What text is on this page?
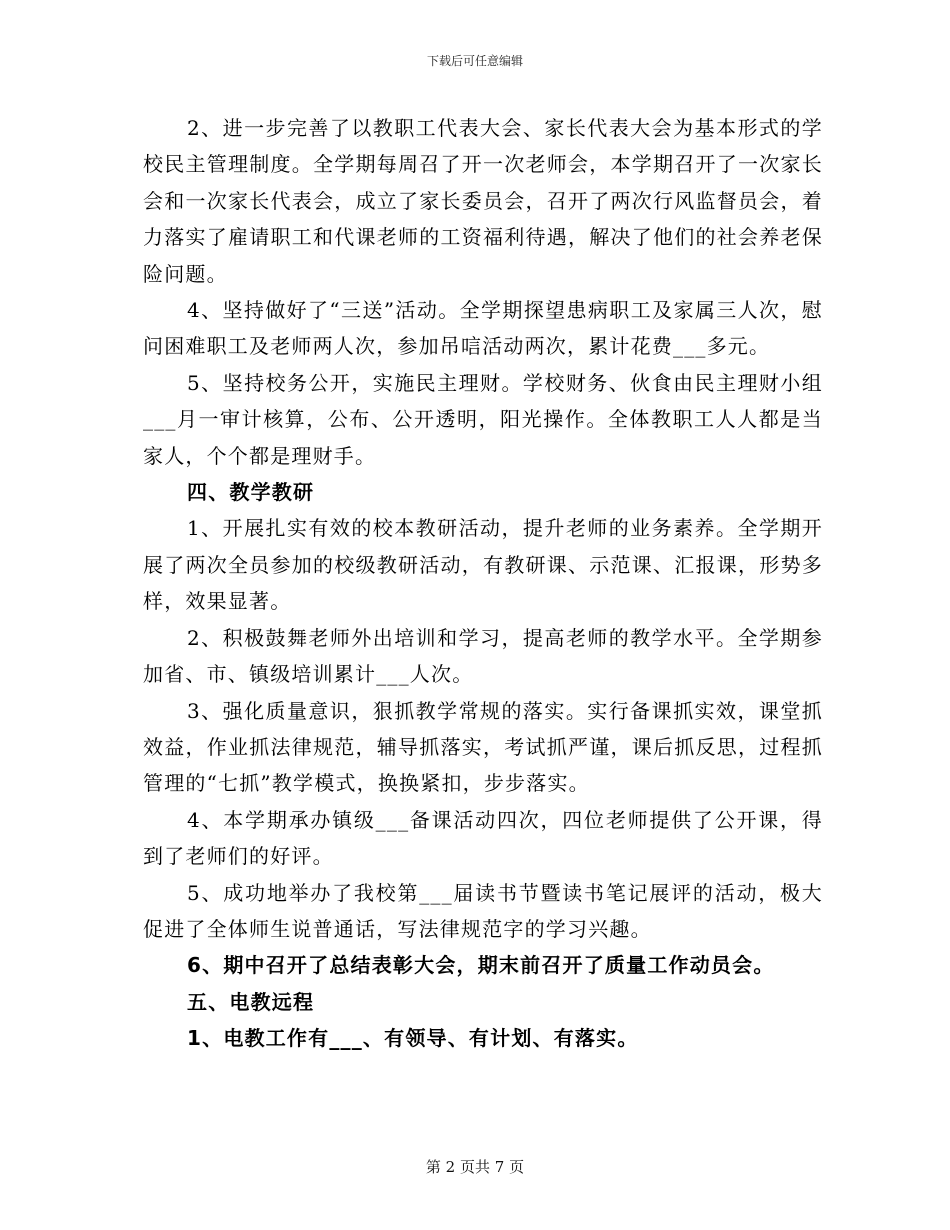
下载后可任意编辑

2、进一步完善了以教职工代表大会、家长代表大会为基本形式的学校民主管理制度。全学期每周召了开一次老师会，本学期召开了一次家长会和一次家长代表会，成立了家长委员会，召开了两次行风监督员会，着力落实了雇请职工和代课老师的工资福利待遇，解决了他们的社会养老保险问题。

4、坚持做好了“三送”活动。全学期探望患病职工及家属三人次，慰问困难职工及老师两人次，参加吊唁活动两次，累计花费___多元。

5、坚持校务公开，实施民主理财。学校财务、伙食由民主理财小组___月一审计核算，公布、公开透明，阳光操作。全体教职工人人都是当家人，个个都是理财手。

四、教学教研

1、开展扎实有效的校本教研活动，提升老师的业务素养。全学期开展了两次全员参加的校级教研活动，有教研课、示范课、汇报课，形势多样，效果显著。

2、积极鼓舞老师外出培训和学习，提高老师的教学水平。全学期参加省、市、镇级培训累计___人次。

3、强化质量意识，狠抓教学常规的落实。实行备课抓实效，课堂抓效益，作业抓法律规范，辅导抓落实，考试抓严谨，课后抓反思，过程抓管理的“七抓”教学模式，换换紧扣，步步落实。

4、本学期承办镇级___备课活动四次，四位老师提供了公开课，得到了老师们的好评。

5、成功地举办了我校第___届读书节暨读书笔记展评的活动，极大促进了全体师生说普通话，写法律规范字的学习兴趣。

6、期中召开了总结表彰大会，期末前召开了质量工作动员会。

五、电教远程

1、电教工作有___、有领导、有计划、有落实。

第 2 页共 7 页
